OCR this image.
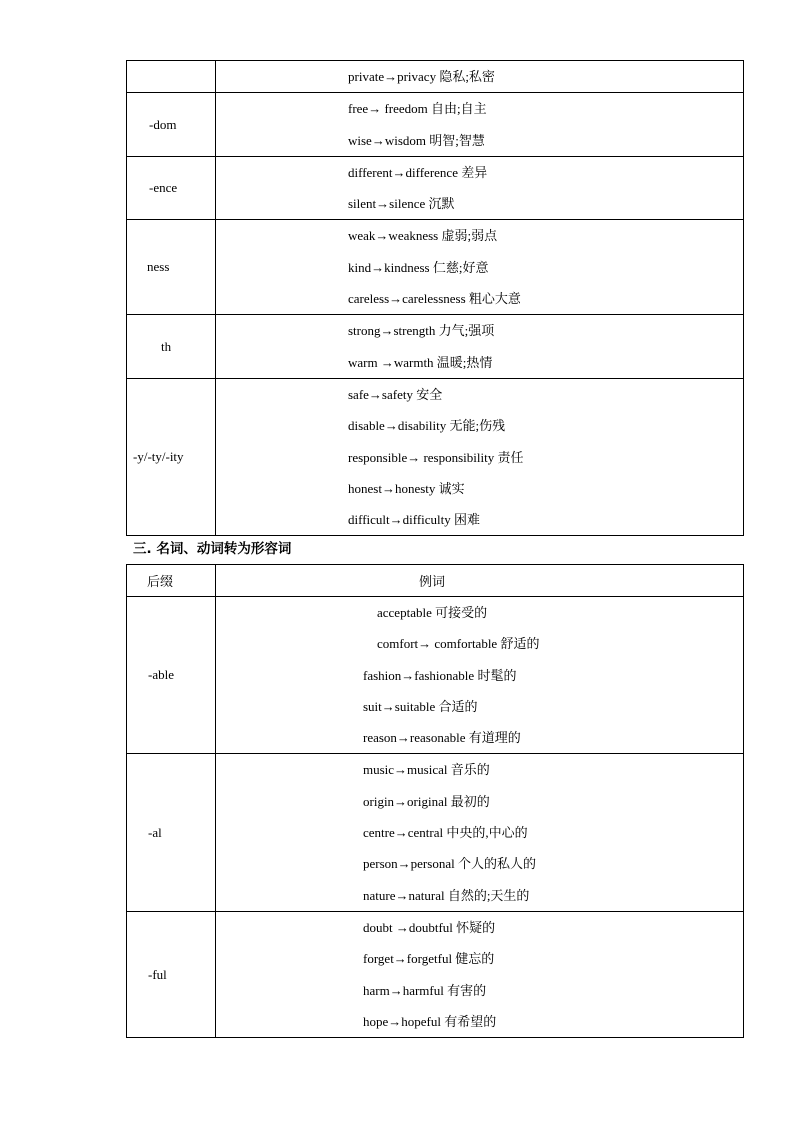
	private→privacy 隐私;私密

-dom	free→ freedom 自由;自主
wise→wisdom 明智;智慧

-ence	different→difference 差异
silent→silence 沉默

ness	weak→weakness 虚弱;弱点
kind→kindness 仁慈;好意
careless→carelessness 粗心大意

th	strong→strength 力气;强项
warm →warmth 温暖;热情

-y/-ty/-ity	safe→safety 安全
disable→disability 无能;伤残
responsible→ responsibility 责任
honest→honesty 诚实
difficult→difficulty 困难
三. 名词、动词转为形容词
后缀	例词

-able	acceptable 可接受的
comfort→ comfortable 舒适的
fashion→fashionable 时髦的
suit→suitable 合适的
reason→reasonable 有道理的

-al	music→musical 音乐的
origin→original 最初的
centre→central 中央的,中心的
person→personal 个人的私人的
nature→natural 自然的;天生的

-ful	doubt →doubtful 怀疑的
forget→forgetful 健忘的
harm→harmful 有害的
hope→hopeful 有希望的
